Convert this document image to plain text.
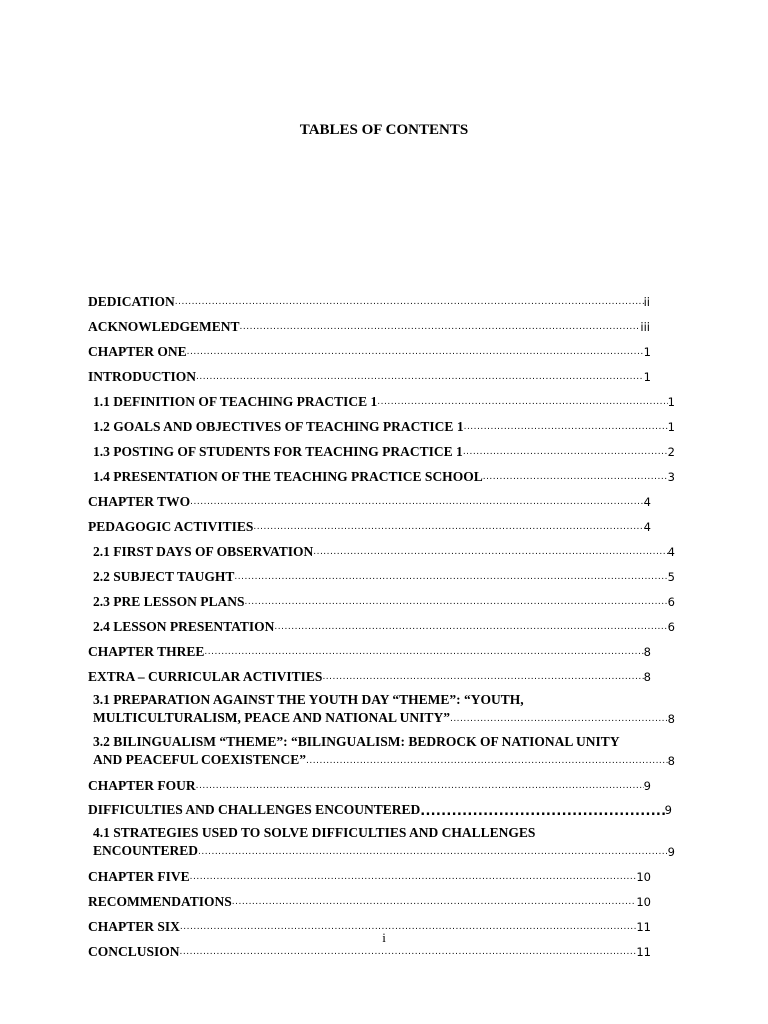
TABLES OF CONTENTS
DEDICATION .....	ii
ACKNOWLEDGEMENT .....	iii
CHAPTER ONE .....	1
INTRODUCTION .....	1
1.1 DEFINITION OF TEACHING PRACTICE 1 .....	1
1.2 GOALS AND OBJECTIVES OF TEACHING PRACTICE 1 .....	1
1.3 POSTING OF STUDENTS FOR TEACHING PRACTICE 1 .....	2
1.4 PRESENTATION OF THE TEACHING PRACTICE SCHOOL .....	3
CHAPTER TWO .....	4
PEDAGOGIC ACTIVITIES .....	4
2.1 FIRST DAYS OF OBSERVATION .....	4
2.2 SUBJECT TAUGHT .....	5
2.3 PRE LESSON PLANS .....	6
2.4 LESSON PRESENTATION .....	6
CHAPTER THREE .....	8
EXTRA – CURRICULAR ACTIVITIES .....	8
3.1 PREPARATION AGAINST THE YOUTH DAY “THEME”: “YOUTH,
MULTICULTURALISM, PEACE AND NATIONAL UNITY” .....	8
3.2 BILINGUALISM “THEME”: “BILINGUALISM: BEDROCK OF NATIONAL UNITY
AND PEACEFUL COEXISTENCE” .....	8
CHAPTER FOUR .....	9
DIFFICULTIES AND CHALLENGES ENCOUNTERED .....	9
4.1 STRATEGIES USED TO SOLVE DIFFICULTIES AND CHALLENGES
ENCOUNTERED .....	9
CHAPTER FIVE .....	10
RECOMMENDATIONS .....	10
CHAPTER SIX .....	11
CONCLUSION .....	11
i
